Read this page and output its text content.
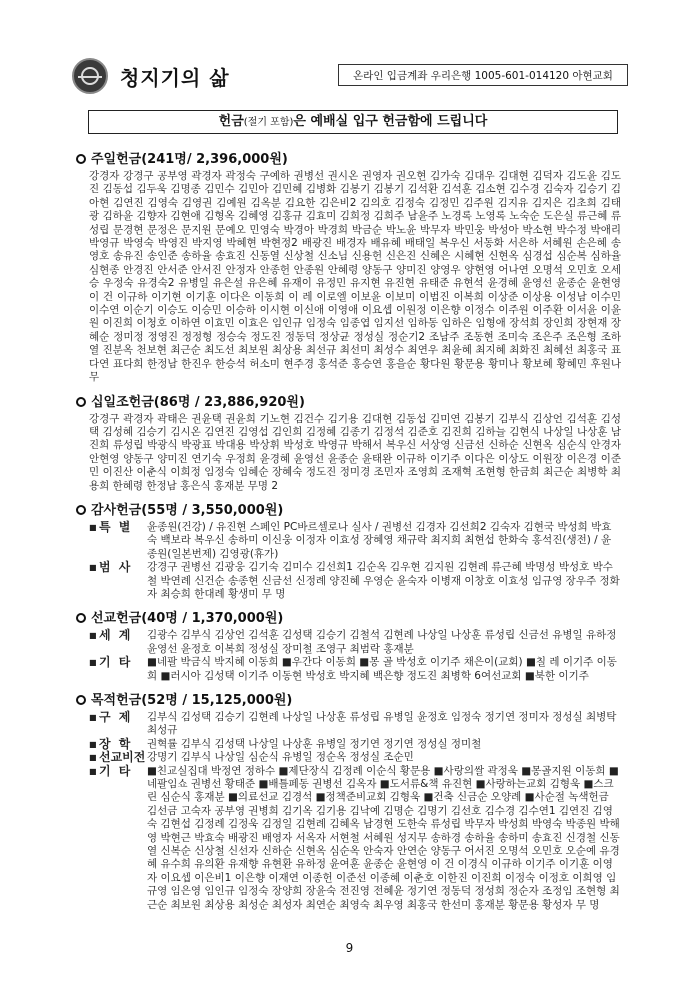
청지기의 삶	온라인 입금계좌 우리은행 1005-601-014120 아현교회
헌금(절기 포함)은 예배실 입구 헌금함에 드립니다
주일헌금(241명/ 2,396,000원)
강경자 강경구 공부영 곽경자 곽정숙 구예하 권병선 권시온 권영자 권오현 김가숙 김대우 김대현 김덕자 김도윤 김도진 김동섭 김두욱 김명종 김민수 김민아 김민혜 김병화 김봉기 김봉기 김석환 김석훈 김소현 김수경 김숙자 김승기 김아현 김연진 김영숙 김영권 김예원 김옥분 김요한 김은비2 김의호 김정숙 김정민 김주원 김지유 김지은 김초희 김태광 김하윤 김향자 김현애 김형옥 김혜영 김홍규 김효미 김희정 김희주 남윤주 노경록 노영록 노숙순 도은실 류근혜 류성립 문경현 문정은 문지원 문예오 민영숙 박경아 박경희 박금순 박노윤 박무자 박민웅 박성아 박소현 박수정 박애리 박영규 박영숙 박영진 박지영 박혜현 박현정2 배광진 배경자 배유혜 배태일 복우신 서동화 서은하 서혜원 손은혜 송영호 송유진 송인준 송하율 송효진 신동열 신상철 신소님 신용헌 신은진 신혜은 시혜현 신현옥 심경섭 심순복 심하율 심현종 안경진 안서준 안서진 안정자 안종헌 안종원 안혜령 양동구 양미진 양영우 양현영 어나연 오명석 오민호 오세승 우정숙 유경숙2 유병일 유은설 유은혜 유재이 유정민 유지현 유진현 유태준 유현석 윤경혜 윤영선 윤종순 윤현영 이 건 이규하 이기현 이기훈 이다은 이동희 이 레 이로엘 이보윤 이보미 이범진 이복희 이상준 이상용 이성남 이수민 이수연 이순기 이승도 이승민 이승하 이시현 이신애 이영애 이요셉 이원정 이은향 이정수 이주원 이주환 이서윤 이윤원 이진희 이청호 이하연 이효민 이효은 임인규 임정숙 임종엽 임지선 임하동 임하은 임형애 장석희 장인희 장현재 장혜순 정미정 정영진 정정형 정승숙 정도진 정동덕 정상균 정성실 정순기2 조남주 조동현 조미숙 조은주 조은형 조하열 진분옥 천보현 최근순 최도선 최보원 최상용 최선규 최선미 최성수 최연우 최윤혜 최지혜 최화진 최혜선 최홍국 표다연 표다희 한정남 한진우 한승석 허소미 현주경 홍석준 홍승연 홍을순 황다원 황문용 황미나 황보혜 황혜민 후원나무
십일조헌금(86명 / 23,886,920원)
강경구 곽경자 곽태은 권윤택 권윤희 기노현 김건수 김기용 김대현 김동섭 김미연 김봉기 김부식 김상언 김석훈 김성택 김성혜 김승기 김시온 김연진 김영섭 김인희 김정혜 김종기 김정석 김준호 김진희 김하늘 김현식 나상일 나상훈 남진희 류성립 박광식 박광표 박대용 박상휘 박성호 박영규 박해서 복우신 서상영 신금선 신하순 신현옥 심순식 안경자 안현영 양동구 양미진 연기숙 우정희 윤경혜 윤영선 윤종순 윤태완 이규하 이기주 이다은 이상도 이원장 이은경 이준민 이진산 이춘식 이희정 임정숙 임혜순 장혜숙 정도진 정미경 조민자 조영희 조재혁 조현형 한금희 최근순 최병학 최용희 한혜령 한정남 홍은식 홍재분 무명 2
감사헌금(55명 / 3,550,000원)
■ 특 별	윤종원(건강) / 유진현 스페인 PC바르셀로나 실사 / 권병선 김경자 김선희2 김숙자 김현국 박성희 박효숙 백보라 복우신 송하미 이신웅 이정자 이효성 장혜영 채규락 최지희 최현섭 한화숙 홍석진(생전) / 윤종원(일본번제) 김영광(휴가)
■ 범 사	강경구 권병선 김광웅 김기숙 김미수 김선희1 김순옥 김우현 김지원 김현례 류근혜 박명성 박성호 박수철 박연례 신건순 송종현 신금선 신정례 양진혜 우영순 윤숙자 이병재 이창호 이효성 임규영 장우주 정화자 최승희 한대례 황생미 무 명
선교헌금(40명 / 1,370,000원)
■ 세 계	김광수 김부식 김상언 김석훈 김성택 김승기 김철석 김현례 나상일 나상훈 류성립 신금선 유병일 유하정 윤영선 윤정호 이복희 정성실 장미철 조영구 최범락 홍재분
■ 기 타	■네팔 박금식 박지혜 이동희 ■우간다 이동희 ■몽 골 박성호 이기주 채은이(교회) ■칠 레 이기주 이동희 ■러시아 김성택 이기주 이동현 박성호 박지혜 백은향 정도진 최병학 6여선교회 ■북한 이기주
목적헌금(52명 / 15,125,000원)
■ 구 제	김부식 김성택 김승기 김현례 나상일 나상훈 류성립 유병일 윤정호 임정숙 정기연 정미자 정성실 최병탁 최성규
■ 장 학	권혁률 김부식 김성택 나상일 나상훈 유병일 정기연 정기연 정성실 정미철
■ 선교비전 강명기 김부식 나상일 심순식 유병일 정순옥 정성실 조순민
■ 기 타	■친교실집대 박정연 정하수 ■제단장식 김정례 이순식 황문용 ■사랑의쌀 곽정욱 ■몽골지원 이동희 ■네팔임쇼 권병선 황태준 ■배틀페동 권병선 김옥자 ■도서류&책 유진현 ■사랑하는교회 김형욱 ■스크린 심순식 홍재분 ■의료선교 김경석 ■정책준비교회 김형욱 ■건축 신금순 오양례 ■사순절 녹색헌금 김선금 고숙자 공부영 권병희 김기옥 김기용 김낙예 김명순 김명기 김선호 김수경 김수연1 김연진 김영숙 김현섭 김정례 김정욱 김정일 김현례 김혜옥 남경현 도한숙 류성립 박무자 박성희 박영숙 박종원 박해영 박현근 박효숙 배광진 배영자 서옥자 서현철 서혜원 성지무 송하경 송하율 송하미 송효진 신경철 신동열 신복순 신상철 신선자 신하순 신현옥 심순옥 안숙자 안연순 양동구 어서진 오명석 오민호 오순예 유경혜 유수희 유의환 유재향 유현환 유하정 윤여훈 윤종순 윤현영 이 건 이경식 이규하 이기주 이기훈 이영자 이요셉 이은비1 이은향 이재연 이종헌 이준선 이종혜 이춘호 이한진 이진희 이정숙 이정호 이희영 임규영 임은영 임인규 임정숙 장양희 장윤숙 전진영 전혜윤 정기연 정동덕 정성희 정순자 조정임 조현형 최근순 최보원 최상용 최성순 최성자 최연순 최영숙 최우영 최홍국 한선미 홍재분 황문용 황성자 무 명
9
